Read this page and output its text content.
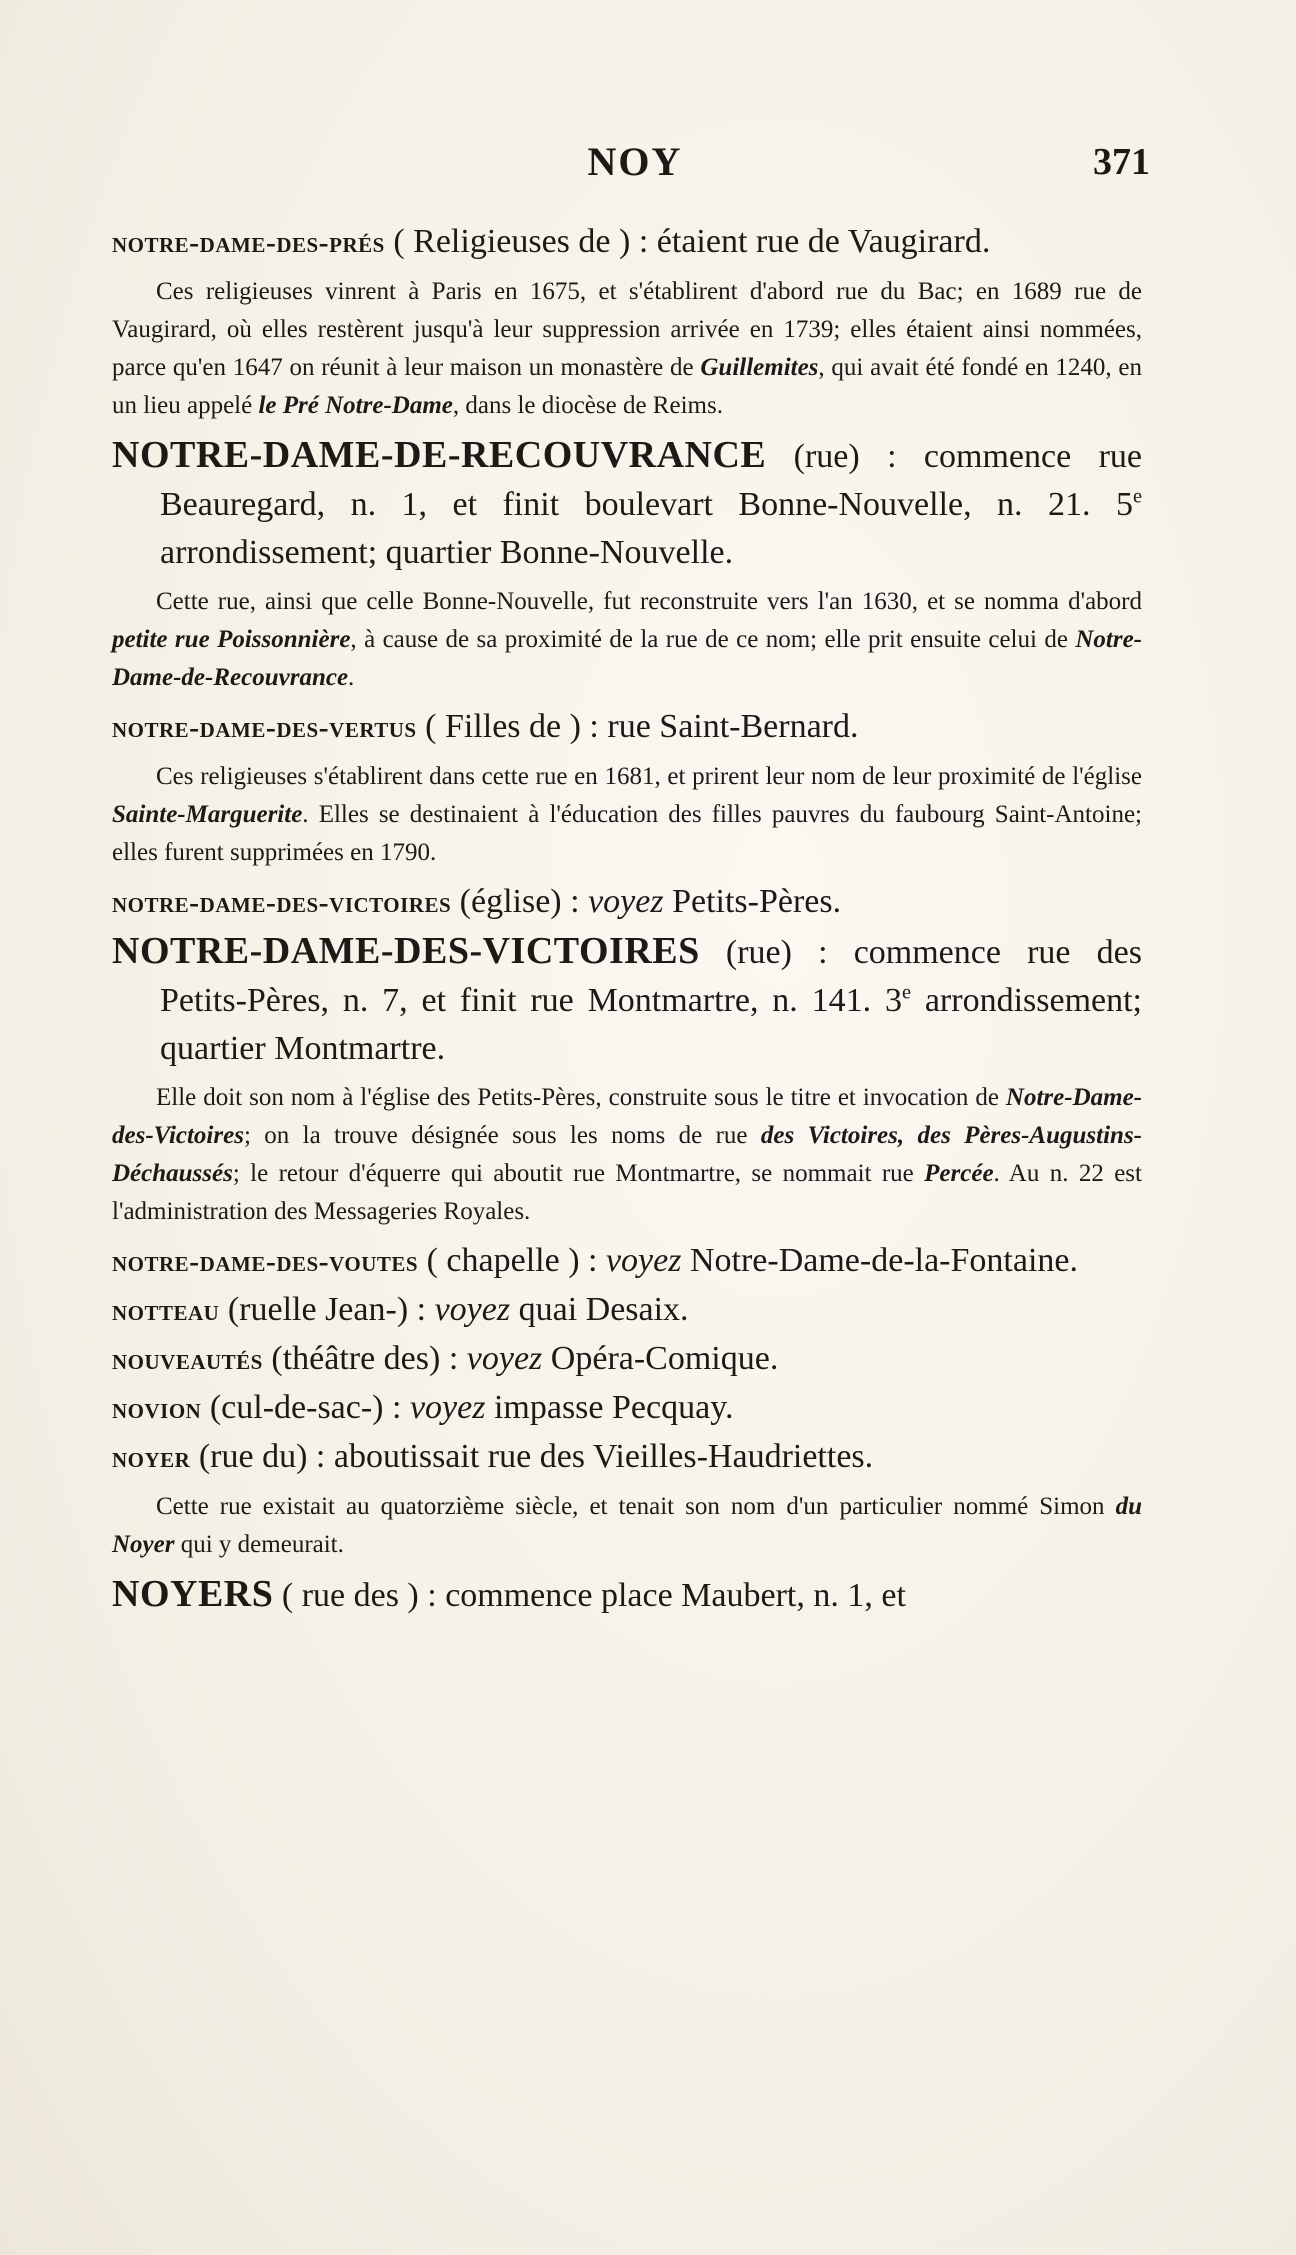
NOY	371
notre-dame-des-prés ( Religieuses de ) : étaient rue de Vaugirard.

Ces religieuses vinrent à Paris en 1675, et s'établirent d'abord rue du Bac; en 1689 rue de Vaugirard, où elles restèrent jusqu'à leur suppression arrivée en 1739; elles étaient ainsi nommées, parce qu'en 1647 on réunit à leur maison un monastère de Guillemites, qui avait été fondé en 1240, en un lieu appelé le Pré Notre-Dame, dans le diocèse de Reims.

NOTRE-DAME-DE-RECOUVRANCE (rue) : commence rue Beauregard, n. 1, et finit boulevart Bonne-Nouvelle, n. 21. 5e arrondissement; quartier Bonne-Nouvelle.

Cette rue, ainsi que celle Bonne-Nouvelle, fut reconstruite vers l'an 1630, et se nomma d'abord petite rue Poissonnière, à cause de sa proximité de la rue de ce nom; elle prit ensuite celui de Notre-Dame-de-Recouvrance.

notre-dame-des-vertus ( Filles de ) : rue Saint-Bernard.

Ces religieuses s'établirent dans cette rue en 1681, et prirent leur nom de leur proximité de l'église Sainte-Marguerite. Elles se destinaient à l'éducation des filles pauvres du faubourg Saint-Antoine; elles furent supprimées en 1790.

notre-dame-des-victoires (église) : voyez Petits-Pères.
NOTRE-DAME-DES-VICTOIRES (rue) : commence rue des Petits-Pères, n. 7, et finit rue Montmartre, n. 141. 3e arrondissement; quartier Montmartre.

Elle doit son nom à l'église des Petits-Pères, construite sous le titre et invocation de Notre-Dame-des-Victoires; on la trouve désignée sous les noms de rue des Victoires, des Pères-Augustins-Déchaussés; le retour d'équerre qui aboutit rue Montmartre, se nommait rue Percée. Au n. 22 est l'administration des Messageries Royales.

notre-dame-des-voutes ( chapelle ) : voyez Notre-Dame-de-la-Fontaine.
notteau (ruelle Jean-) : voyez quai Desaix.
nouveautés (théâtre des) : voyez Opéra-Comique.
novion (cul-de-sac-) : voyez impasse Pecquay.
noyer (rue du) : aboutissait rue des Vieilles-Haudriettes.

Cette rue existait au quatorzième siècle, et tenait son nom d'un particulier nommé Simon du Noyer qui y demeurait.

NOYERS ( rue des ) : commence place Maubert, n. 1, et
